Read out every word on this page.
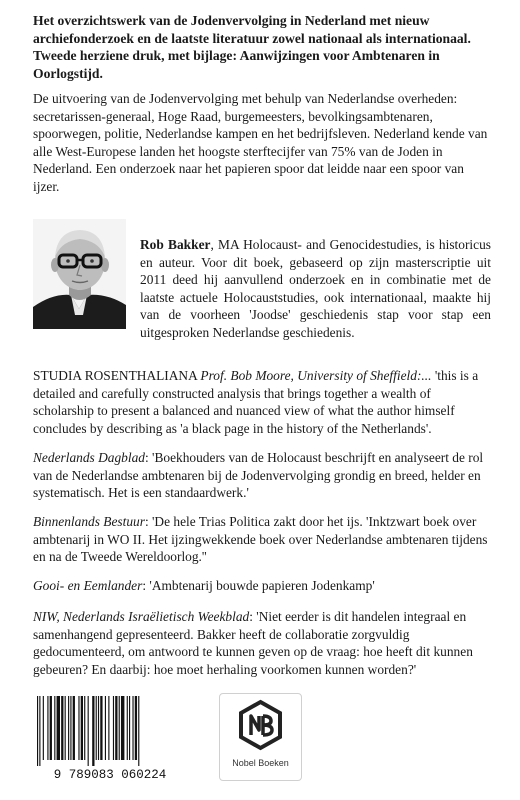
Het overzichtswerk van de Jodenvervolging in Nederland met nieuw archiefonderzoek en de laatste literatuur zowel nationaal als internationaal. Tweede herziene druk, met bijlage: Aanwijzingen voor Ambtenaren in Oorlogstijd.

De uitvoering van de Jodenvervolging met behulp van Nederlandse overheden: secretarissen-generaal, Hoge Raad, burgemeesters, bevolkingsambtenaren, spoorwegen, politie, Nederlandse kampen en het bedrijfsleven. Nederland kende van alle West-Europese landen het hoogste sterftecijfer van 75% van de Joden in Nederland. Een onderzoek naar het papieren spoor dat leidde naar een spoor van ijzer.

Rob Bakker, MA Holocaust- and Genocidestudies, is historicus en auteur. Voor dit boek, gebaseerd op zijn masterscriptie uit 2011 deed hij aanvullend onderzoek en in combinatie met de laatste actuele Holocauststudies, ook internationaal, maakte hij van de voorheen 'Joodse' geschiedenis stap voor stap een uitgesproken Nederlandse geschiedenis.

STUDIA ROSENTHALIANA Prof. Bob Moore, University of Sheffield:... 'this is a detailed and carefully constructed analysis that brings together a wealth of scholarship to present a balanced and nuanced view of what the author himself concludes by describing as 'a black page in the history of the Netherlands'.

Nederlands Dagblad: 'Boekhouders van de Holocaust beschrijft en analyseert de rol van de Nederlandse ambtenaren bij de Jodenvervolging grondig en breed, helder en systematisch. Het is een standaardwerk.'

Binnenlands Bestuur: 'De hele Trias Politica zakt door het ijs. 'Inktzwart boek over ambtenarij in WO II. Het ijzingwekkende boek over Nederlandse ambtenaren tijdens en na de Tweede Wereldoorlog.''

Gooi- en Eemlander: 'Ambtenarij bouwde papieren Jodenkamp'

NIW, Nederlands Israëlietisch Weekblad: 'Niet eerder is dit handelen integraal en samenhangend gepresenteerd. Bakker heeft de collaboratie zorgvuldig gedocumenteerd, om antwoord te kunnen geven op de vraag: hoe heeft dit kunnen gebeuren? En daarbij: hoe moet herhaling voorkomen kunnen worden?'

9 789083 060224
Nobel Boeken
